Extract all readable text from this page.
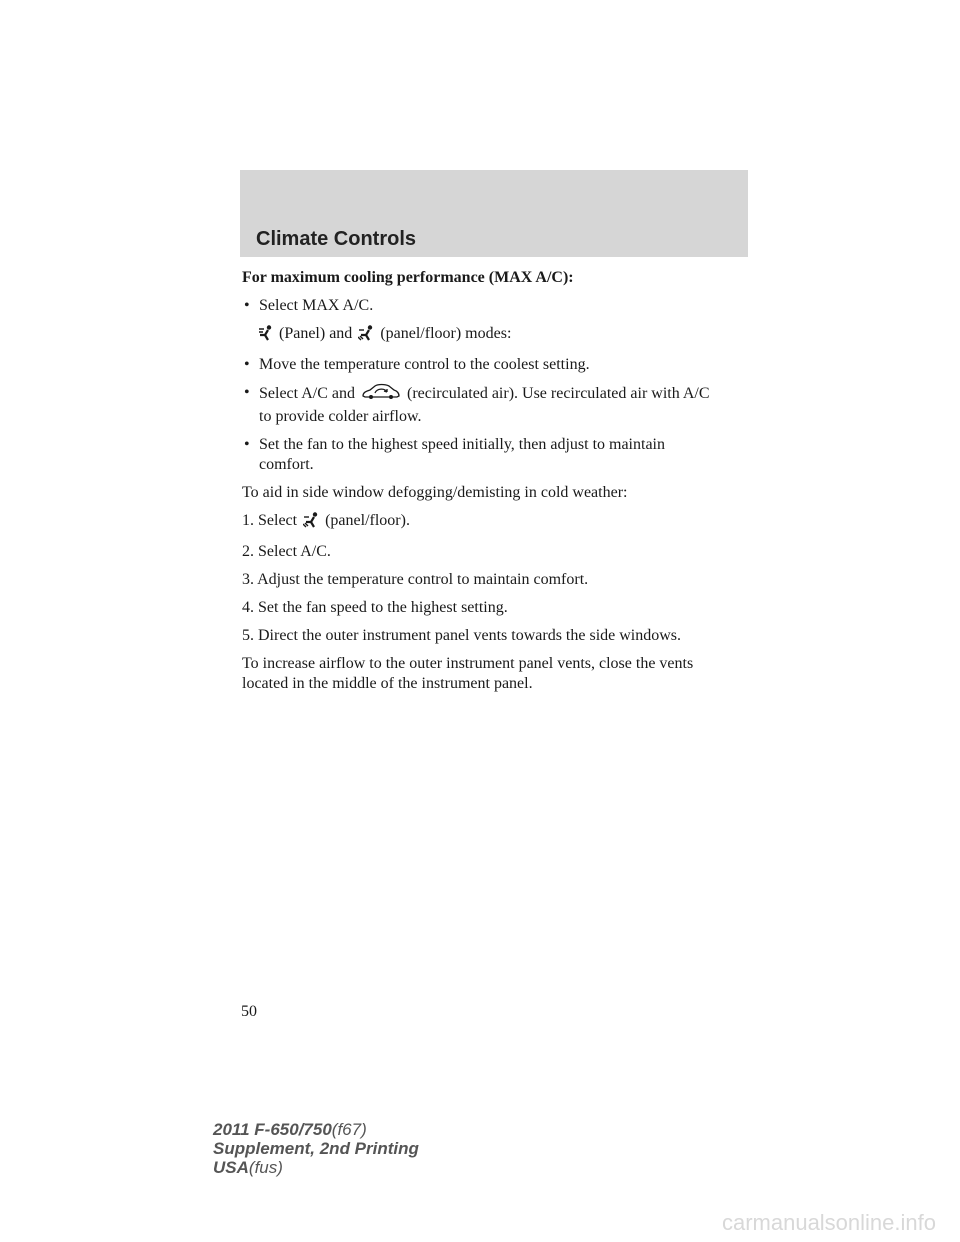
Climate Controls

For maximum cooling performance (MAX A/C):

• Select MAX A/C.
(Panel) and (panel/floor) modes:
• Move the temperature control to the coolest setting.
• Select A/C and	(recirculated air). Use recirculated air with A/C
to provide colder airflow.
• Set the fan to the highest speed initially, then adjust to maintain
comfort.

To aid in side window defogging/demisting in cold weather:

1. Select (panel/floor).

2. Select A/C.

3. Adjust the temperature control to maintain comfort.

4. Set the fan speed to the highest setting.

5. Direct the outer instrument panel vents towards the side windows.

To increase airflow to the outer instrument panel vents, close the vents
located in the middle of the instrument panel.

50
2011 F-650/750(f67)
Supplement, 2nd Printing
USA(fus)
carmanualsonline.info
